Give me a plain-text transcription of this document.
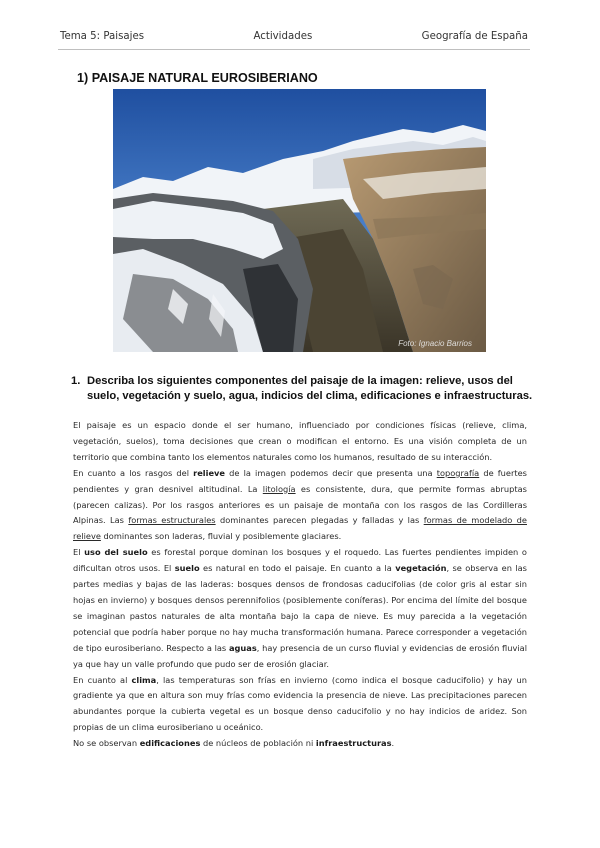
Tema 5: Paisajes	Actividades	Geografía de España
1) PAISAJE NATURAL EUROSIBERIANO
Foto: Ignacio Barrios
1. Describa los siguientes componentes del paisaje de la imagen: relieve, usos del suelo, vegetación y suelo, agua, indicios del clima, edificaciones e infraestructuras.

El paisaje es un espacio donde el ser humano, influenciado por condiciones físicas (relieve, clima, vegetación, suelos), toma decisiones que crean o modifican el entorno. Es una visión completa de un territorio que combina tanto los elementos naturales como los humanos, resultado de su interacción.

En cuanto a los rasgos del relieve de la imagen podemos decir que presenta una topografía de fuertes pendientes y gran desnivel altitudinal. La litología es consistente, dura, que permite formas abruptas (parecen calizas). Por los rasgos anteriores es un paisaje de montaña con los rasgos de las Cordilleras Alpinas. Las formas estructurales dominantes parecen plegadas y falladas y las formas de modelado de relieve dominantes son laderas, fluvial y posiblemente glaciares.

El uso del suelo es forestal porque dominan los bosques y el roquedo. Las fuertes pendientes impiden o dificultan otros usos. El suelo es natural en todo el paisaje. En cuanto a la vegetación, se observa en las partes medias y bajas de las laderas: bosques densos de frondosas caducifolias (de color gris al estar sin hojas en invierno) y bosques densos perennifolios (posiblemente coníferas). Por encima del límite del bosque se imaginan pastos naturales de alta montaña bajo la capa de nieve. Es muy parecida a la vegetación potencial que podría haber porque no hay mucha transformación humana. Parece corresponder a vegetación de tipo eurosiberiano. Respecto a las aguas, hay presencia de un curso fluvial y evidencias de erosión fluvial ya que hay un valle profundo que pudo ser de erosión glaciar.

En cuanto al clima, las temperaturas son frías en invierno (como indica el bosque caducifolio) y hay un gradiente ya que en altura son muy frías como evidencia la presencia de nieve. Las precipitaciones parecen abundantes porque la cubierta vegetal es un bosque denso caducifolio y no hay indicios de aridez. Son propias de un clima eurosiberiano u oceánico.

No se observan edificaciones de núcleos de población ni infraestructuras.
